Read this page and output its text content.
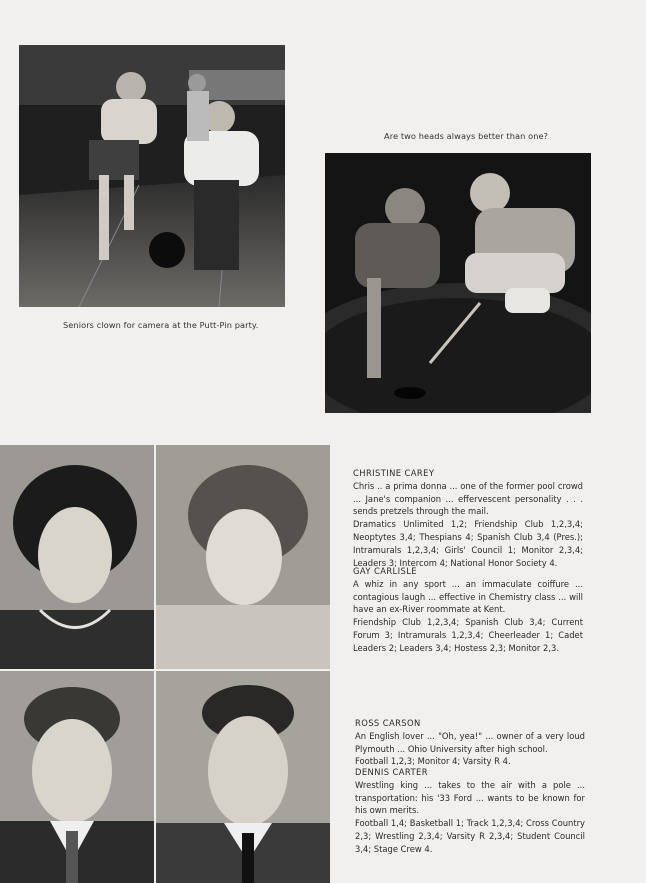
Seniors clown for camera at the Putt-Pin party.
Are two heads always better than one?

CHRISTINE CAREY

Chris .. a prima donna ... one of the former pool crowd ... Jane's companion ... effervescent personality . . . sends pretzels through the mail.

Dramatics Unlimited 1,2; Friendship Club 1,2,3,4; Neoptytes 3,4; Thespians 4; Spanish Club 3,4 (Pres.); Intramurals 1,2,3,4; Girls' Council 1; Monitor 2,3,4; Leaders 3; Intercom 4; National Honor Society 4.

GAY CARLISLE

A whiz in any sport ... an immaculate coiffure ... contagious laugh ... effective in Chemistry class ... will have an ex-River roommate at Kent.

Friendship Club 1,2,3,4; Spanish Club 3,4; Current Forum 3; Intramurals 1,2,3,4; Cheerleader 1; Cadet Leaders 2; Leaders 3,4; Hostess 2,3; Monitor 2,3.

ROSS CARSON

An English lover ... "Oh, yea!" ... owner of a very loud Plymouth ... Ohio University after high school.

Football 1,2,3; Monitor 4; Varsity R 4.

DENNIS CARTER

Wrestling king ... takes to the air with a pole ... transportation: his '33 Ford ... wants to be known for his own merits.

Football 1,4; Basketball 1; Track 1,2,3,4; Cross Country 2,3; Wrestling 2,3,4; Varsity R 2,3,4; Student Council 3,4; Stage Crew 4.
